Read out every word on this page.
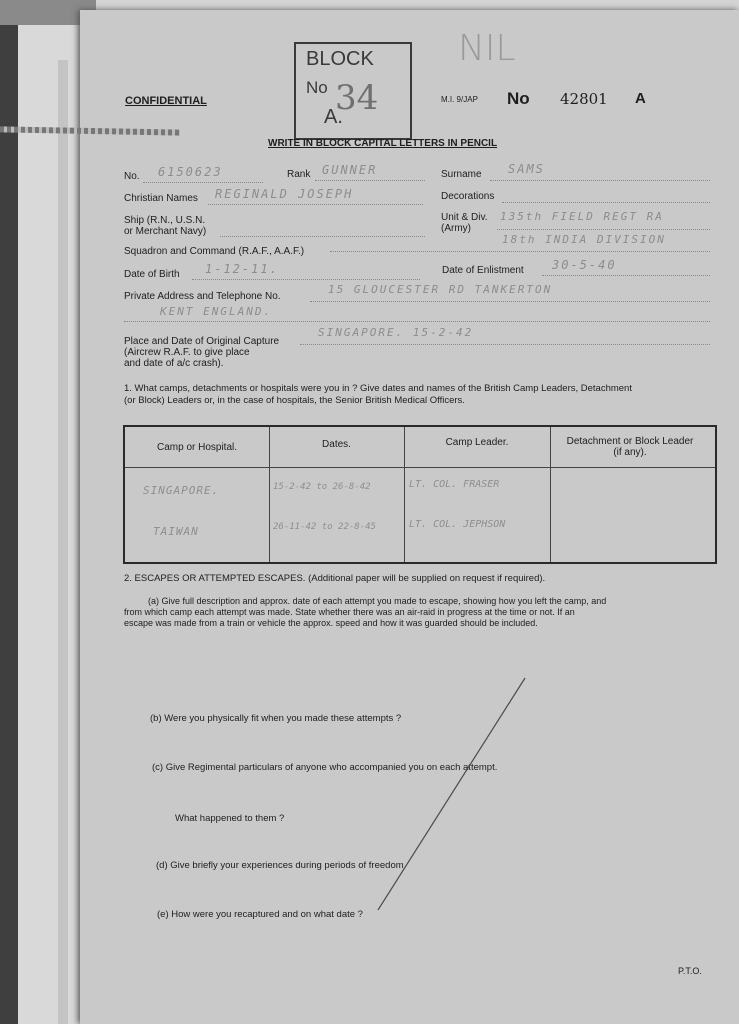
CONFIDENTIAL
BLOCK
No
A.
34
NIL
M.I. 9/JAP No 42801 A
WRITE IN BLOCK CAPITAL LETTERS IN PENCIL
No. 6150623	Rank GUNNER	Surname SAMS
Christian Names REGINALD JOSEPH	Decorations
Ship (R.N., U.S.N.
or Merchant Navy)
Unit & Div.
(Army)
135th FIELD REGT RA
18th INDIA DIVISION
Squadron and Command (R.A.F., A.A.F.)
Date of Birth 1-12-11.	Date of Enlistment 30-5-40
Private Address and Telephone No.
15 GLOUCESTER RD TANKERTON
KENT ENGLAND.
Place and Date of Original Capture
(Aircrew R.A.F. to give place
and date of a/c crash).
SINGAPORE. 15-2-42
1. What camps, detachments or hospitals were you in ? Give dates and names of the British Camp Leaders, Detachment
(or Block) Leaders or, in the case of hospitals, the Senior British Medical Officers.
Camp or Hospital.	Dates.	Camp Leader.	Detachment or Block Leader (if any).
SINGAPORE.	15-2-42 to 26-8-42	LT. COL. FRASER
TAIWAN	26-11-42 to 22-8-45	LT. COL. JEPHSON
2. ESCAPES OR ATTEMPTED ESCAPES. (Additional paper will be supplied on request if required).
(a) Give full description and approx. date of each attempt you made to escape, showing how you left the camp, and
from which camp each attempt was made. State whether there was an air-raid in progress at the time or not. If an
escape was made from a train or vehicle the approx. speed and how it was guarded should be included.
(b) Were you physically fit when you made these attempts ?
(c) Give Regimental particulars of anyone who accompanied you on each attempt.
What happened to them ?
(d) Give briefly your experiences during periods of freedom.
(e) How were you recaptured and on what date ?
P.T.O.
